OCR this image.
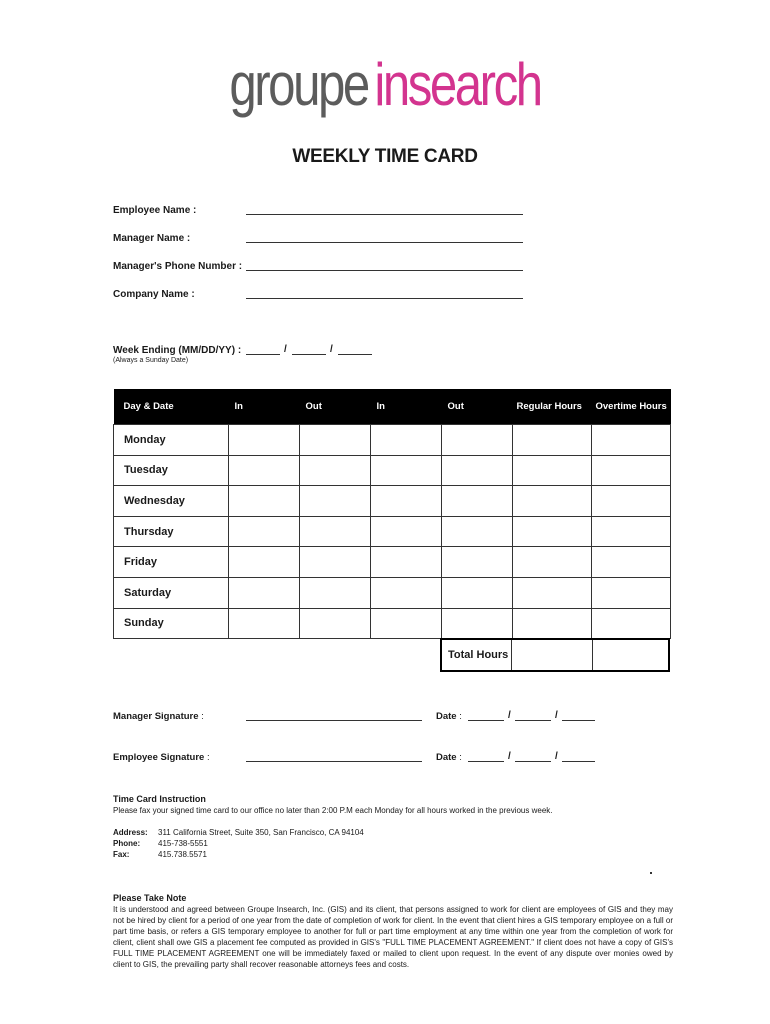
groupe insearch
WEEKLY TIME CARD
Employee Name :
Manager Name :
Manager's Phone Number :
Company Name :
Week Ending (MM/DD/YY) :	/	/
(Always a Sunday Date)
Day & Date	In	Out	In	Out	Regular Hours	Overtime Hours
Monday						
Tuesday						
Wednesday						
Thursday						
Friday						
Saturday						
Sunday						
Total Hours
Manager Signature :	Date :	/	/
Employee Signature :	Date :	/	/
Time Card Instruction
Please fax your signed time card to our office no later than 2:00 P.M each Monday for all hours worked in the previous week.
Address: 311 California Street, Suite 350, San Francisco, CA 94104
Phone: 415-738-5551
Fax:	415.738.5571
Please Take Note
It is understood and agreed between Groupe Insearch, Inc. (GIS) and its client, that persons assigned to work for client are employees of GIS and they may not be hired by client for a period of one year from the date of completion of work for client. In the event that client hires a GIS temporary employee on a full or part time basis, or refers a GIS temporary employee to another for full or part time employment at any time within one year from the completion of work for client, client shall owe GIS a placement fee computed as provided in GIS's "FULL TIME PLACEMENT AGREEMENT." If client does not have a copy of GIS's FULL TIME PLACEMENT AGREEMENT one will be immediately faxed or mailed to client upon request. In the event of any dispute over monies owed by client to GIS, the prevailing party shall recover reasonable attorneys fees and costs.
